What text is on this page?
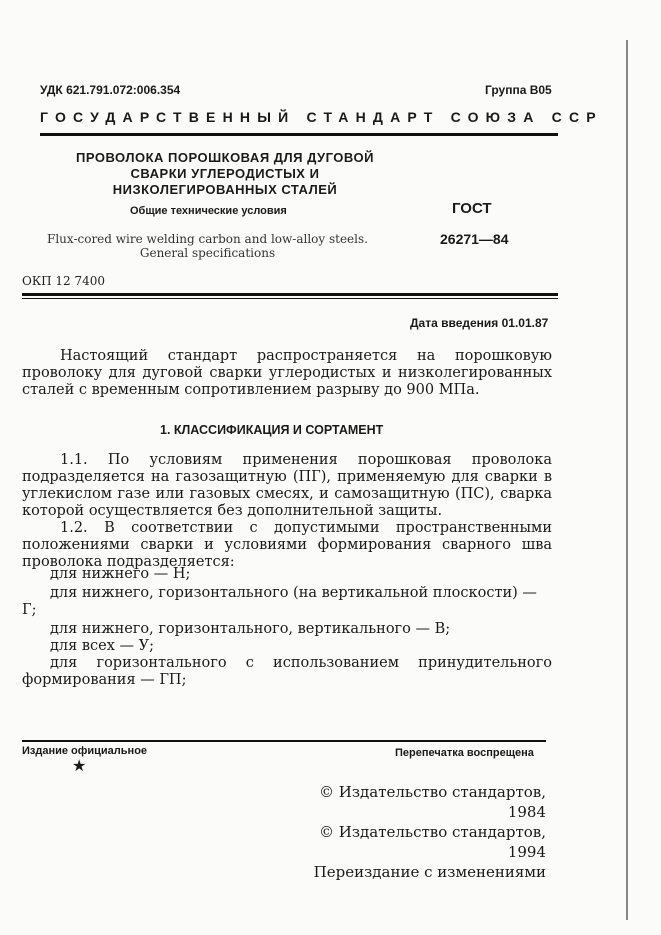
УДК 621.791.072:006.354	Группа В05
ГОСУДАРСТВЕННЫЙ СТАНДАРТ СОЮЗА ССР
ПРОВОЛОКА ПОРОШКОВАЯ ДЛЯ ДУГОВОЙ
СВАРКИ УГЛЕРОДИСТЫХ И
НИЗКОЛЕГИРОВАННЫХ СТАЛЕЙ
Общие технические условия	ГОСТ
26271—84
Flux-cored wire welding carbon and low-alloy steels.
General specifications
ОКП 12 7400
Дата введения 01.01.87
Настоящий стандарт распространяется на порошковую проволоку для дуговой сварки углеродистых и низколегированных сталей с временным сопротивлением разрыву до 900 МПа.
1. КЛАССИФИКАЦИЯ И СОРТАМЕНТ
1.1. По условиям применения порошковая проволока подразделяется на газозащитную (ПГ), применяемую для сварки в углекислом газе или газовых смесях, и самозащитную (ПС), сварка которой осуществляется без дополнительной защиты.
1.2. В соответствии с допустимыми пространственными положениями сварки и условиями формирования сварного шва проволока подразделяется:
для нижнего — Н;
для нижнего, горизонтального (на вертикальной плоскости) — Г;
для нижнего, горизонтального, вертикального — В;
для всех — У;
для горизонтального с использованием принудительного формирования — ГП;
Издание официальное	Перепечатка воспрещена
★
© Издательство стандартов, 1984
© Издательство стандартов, 1994
Переиздание с изменениями
